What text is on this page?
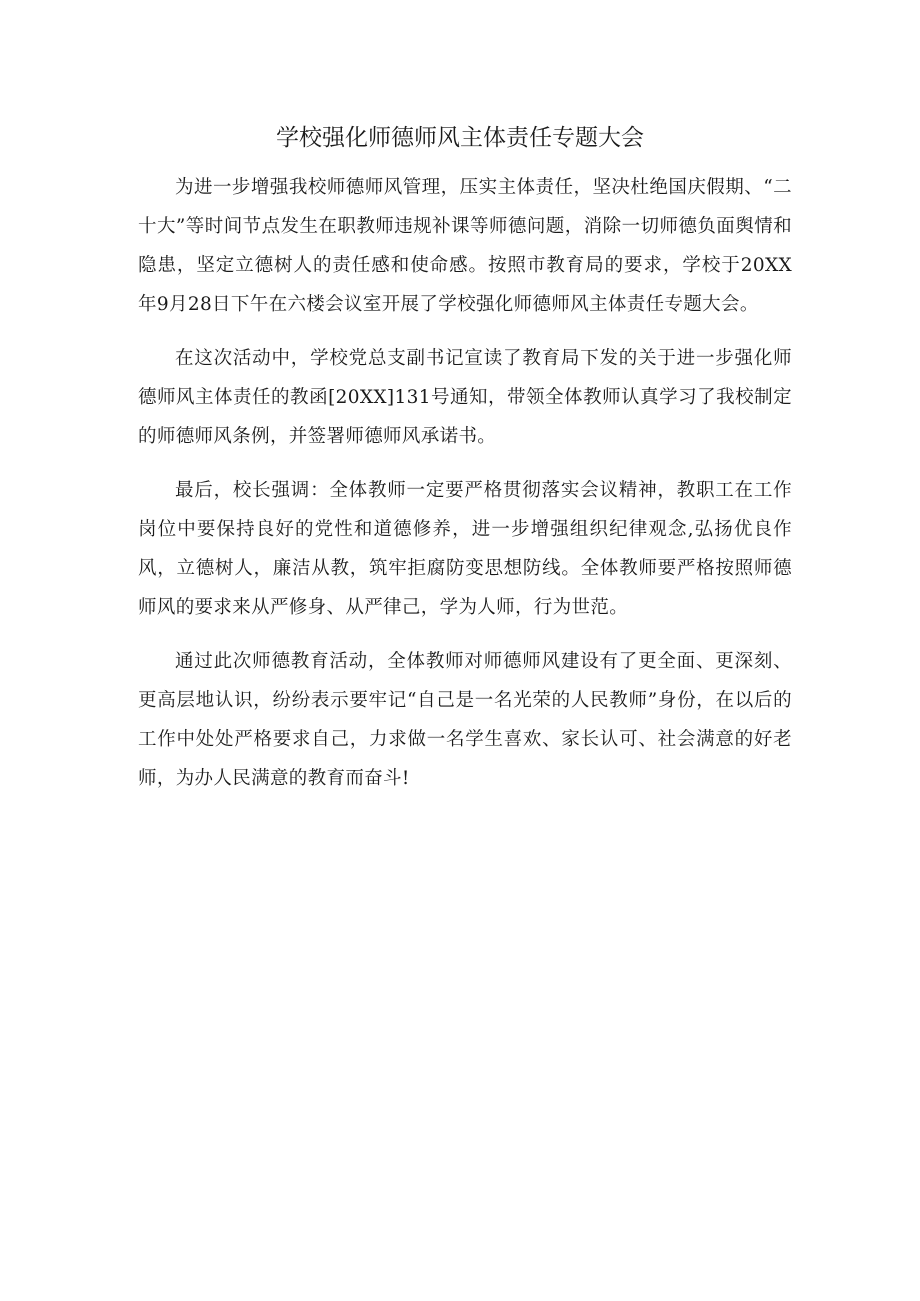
学校强化师德师风主体责任专题大会

为进一步增强我校师德师风管理，压实主体责任，坚决杜绝国庆假期、“二十大”等时间节点发生在职教师违规补课等师德问题，消除一切师德负面舆情和隐患，坚定立德树人的责任感和使命感。按照市教育局的要求，学校于20XX年9月28日下午在六楼会议室开展了学校强化师德师风主体责任专题大会。

在这次活动中，学校党总支副书记宣读了教育局下发的关于进一步强化师德师风主体责任的教函[20XX]131号通知，带领全体教师认真学习了我校制定的师德师风条例，并签署师德师风承诺书。

最后，校长强调：全体教师一定要严格贯彻落实会议精神，教职工在工作岗位中要保持良好的党性和道德修养，进一步增强组织纪律观念,弘扬优良作风，立德树人，廉洁从教，筑牢拒腐防变思想防线。全体教师要严格按照师德师风的要求来从严修身、从严律己，学为人师，行为世范。

通过此次师德教育活动，全体教师对师德师风建设有了更全面、更深刻、更高层地认识，纷纷表示要牢记“自己是一名光荣的人民教师”身份，在以后的工作中处处严格要求自己，力求做一名学生喜欢、家长认可、社会满意的好老师，为办人民满意的教育而奋斗!
